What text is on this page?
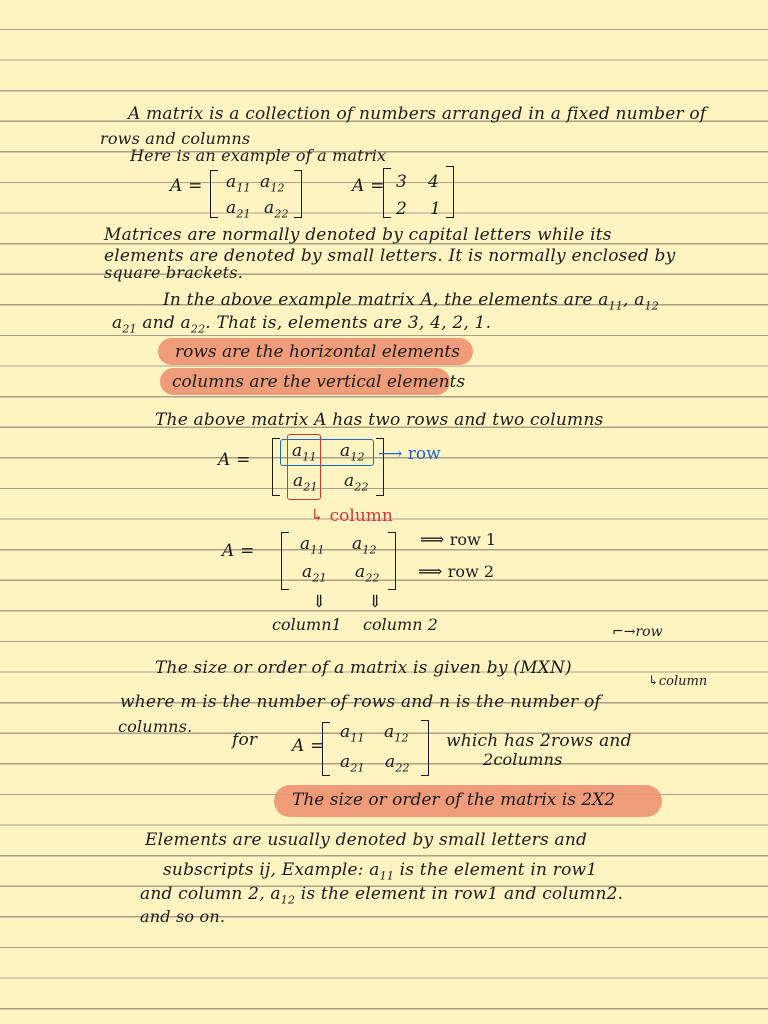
A matrix is a collection of numbers arranged in a fixed number of
rows and columns
Here is an example of a matrix
$A = a_{11}$ $a_{12}$
$a_{21}$ $a_{22}$
A = 3 4
2 1
Matrices are normally denoted by capital letters while its
elements are denoted by small letters. It is normally enclosed by
square brackets.
In the above example matrix A, the elements are $a_{11}$, $a_{12}$
$a_{21}$ and $a_{22}$. That is, elements are 3, 4, 2, 1.
rows are the horizontal elements
columns are the vertical elements
The above matrix A has two rows and two columns
$A = a_{11}$ $a_{12}$
$a_{21}$ $a_{22}$
⟶ row
↳ column
A =	$a_{11}$ $a_{12}$
$a_{21}$ $a_{22}$
⟹ row 1
⟹ row 2
⇓ ⇓
column1 column 2	⌐→row
The size or order of a matrix is given by (MXN)
↳column
where m is the number of rows and n is the number of
columns.
for A =
$a_{11}$ $a_{12}$
$a_{21}$ $a_{22}$
which has 2rows and
2columns
The size or order of the matrix is 2X2
Elements are usually denoted by small letters and
subscripts ij, Example: $a_{11}$ is the element in row1
and column 2, $a_{12}$ is the element in row1 and column2.
and so on.
